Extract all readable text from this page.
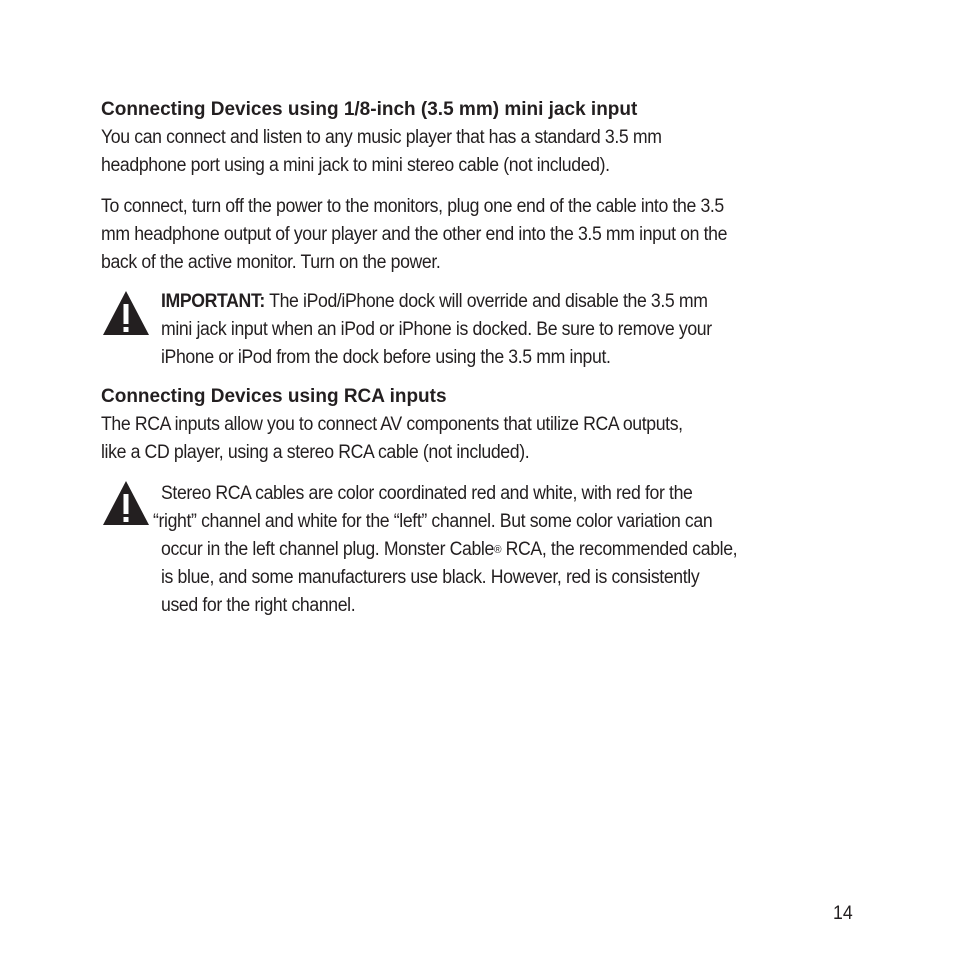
Connecting Devices using 1/8-inch (3.5 mm) mini jack input
You can connect and listen to any music player that has a standard 3.5 mm
headphone port using a mini jack to mini stereo cable (not included).
To connect, turn off the power to the monitors, plug one end of the cable into the 3.5
mm headphone output of your player and the other end into the 3.5 mm input on the
back of the active monitor. Turn on the power.
IMPORTANT: The iPod/iPhone dock will override and disable the 3.5 mm
mini jack input when an iPod or iPhone is docked. Be sure to remove your
iPhone or iPod from the dock before using the 3.5 mm input.
Connecting Devices using RCA inputs
The RCA inputs allow you to connect AV components that utilize RCA outputs,
like a CD player, using a stereo RCA cable (not included).
Stereo RCA cables are color coordinated red and white, with red for the
“right” channel and white for the “left” channel. But some color variation can
occur in the left channel plug. Monster Cable® RCA, the recommended cable,
is blue, and some manufacturers use black. However, red is consistently
used for the right channel.
14
